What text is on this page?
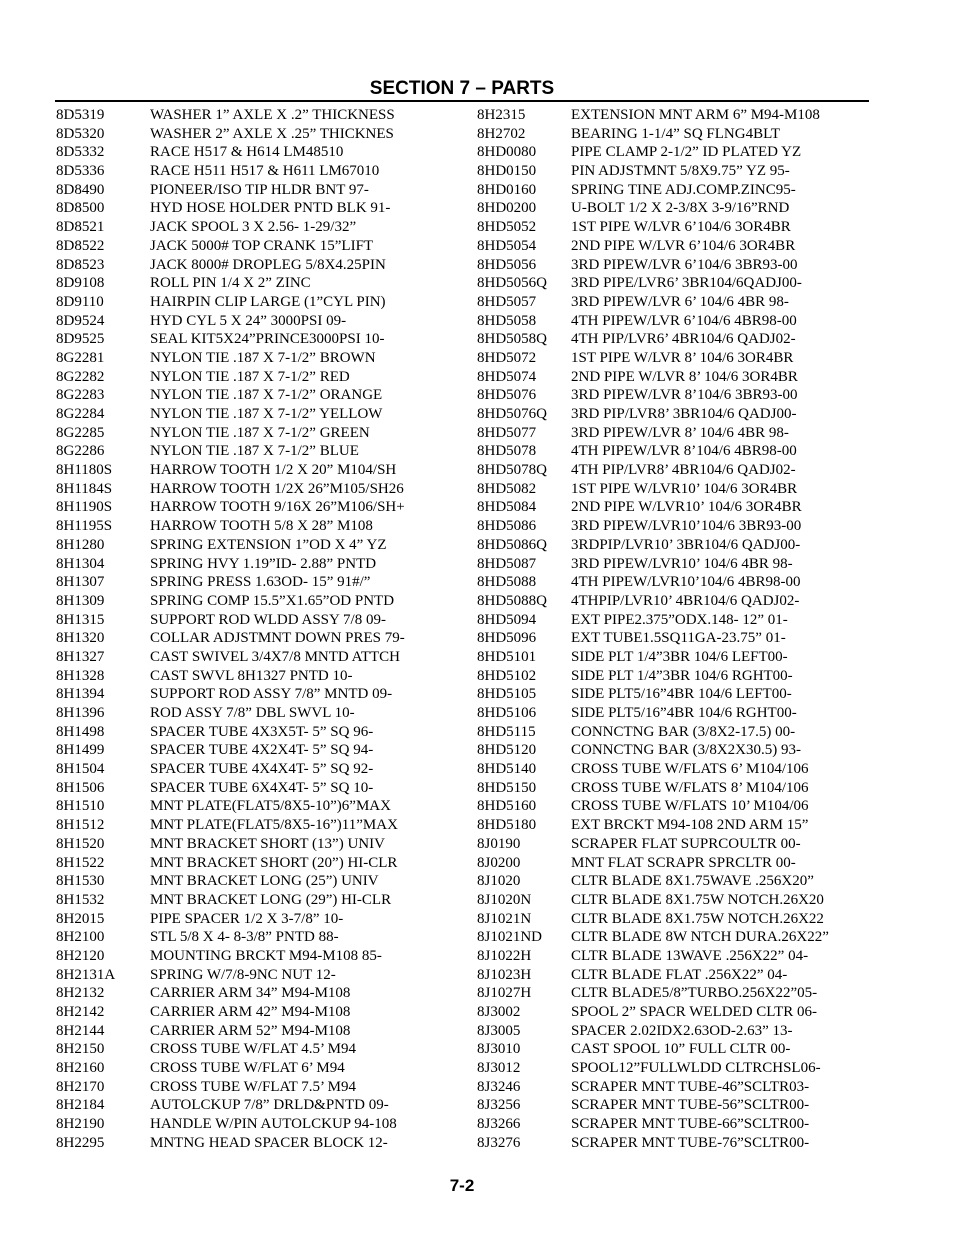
SECTION 7 – PARTS
8D5319	WASHER 1” AXLE X .2” THICKNESS
8D5320	WASHER 2” AXLE X .25” THICKNES
8D5332	RACE H517 & H614 LM48510
8D5336	RACE H511 H517 & H611 LM67010
8D8490	PIONEER/ISO TIP HLDR BNT 97-
8D8500	HYD HOSE HOLDER PNTD BLK 91-
8D8521	JACK SPOOL 3 X 2.56- 1-29/32”
8D8522	JACK 5000# TOP CRANK 15”LIFT
8D8523	JACK 8000# DROPLEG 5/8X4.25PIN
8D9108	ROLL PIN 1/4 X 2” ZINC
8D9110	HAIRPIN CLIP LARGE (1”CYL PIN)
8D9524	HYD CYL 5 X 24” 3000PSI 09-
8D9525	SEAL KIT5X24”PRINCE3000PSI 10-
8G2281	NYLON TIE .187 X 7-1/2” BROWN
8G2282	NYLON TIE .187 X 7-1/2” RED
8G2283	NYLON TIE .187 X 7-1/2” ORANGE
8G2284	NYLON TIE .187 X 7-1/2” YELLOW
8G2285	NYLON TIE .187 X 7-1/2” GREEN
8G2286	NYLON TIE .187 X 7-1/2” BLUE
8H1180S	HARROW TOOTH 1/2 X 20” M104/SH
8H1184S	HARROW TOOTH 1/2X 26”M105/SH26
8H1190S	HARROW TOOTH 9/16X 26”M106/SH+
8H1195S	HARROW TOOTH 5/8 X 28” M108
8H1280	SPRING EXTENSION 1”OD X 4” YZ
8H1304	SPRING HVY 1.19”ID- 2.88” PNTD
8H1307	SPRING PRESS 1.63OD- 15” 91#/”
8H1309	SPRING COMP 15.5”X1.65”OD PNTD
8H1315	SUPPORT ROD WLDD ASSY 7/8 09-
8H1320	COLLAR ADJSTMNT DOWN PRES 79-
8H1327	CAST SWIVEL 3/4X7/8 MNTD ATTCH
8H1328	CAST SWVL 8H1327 PNTD 10-
8H1394	SUPPORT ROD ASSY 7/8” MNTD 09-
8H1396	ROD ASSY 7/8” DBL SWVL 10-
8H1498	SPACER TUBE 4X3X5T- 5” SQ 96-
8H1499	SPACER TUBE 4X2X4T- 5” SQ 94-
8H1504	SPACER TUBE 4X4X4T- 5” SQ 92-
8H1506	SPACER TUBE 6X4X4T- 5” SQ 10-
8H1510	MNT PLATE(FLAT5/8X5-10”)6”MAX
8H1512	MNT PLATE(FLAT5/8X5-16”)11”MAX
8H1520	MNT BRACKET SHORT (13”) UNIV
8H1522	MNT BRACKET SHORT (20”) HI-CLR
8H1530	MNT BRACKET LONG (25”) UNIV
8H1532	MNT BRACKET LONG (29”) HI-CLR
8H2015	PIPE SPACER 1/2 X 3-7/8” 10-
8H2100	STL 5/8 X 4- 8-3/8” PNTD 88-
8H2120	MOUNTING BRCKT M94-M108 85-
8H2131A	SPRING W/7/8-9NC NUT 12-
8H2132	CARRIER ARM 34” M94-M108
8H2142	CARRIER ARM 42” M94-M108
8H2144	CARRIER ARM 52” M94-M108
8H2150	CROSS TUBE W/FLAT 4.5’ M94
8H2160	CROSS TUBE W/FLAT 6’ M94
8H2170	CROSS TUBE W/FLAT 7.5’ M94
8H2184	AUTOLCKUP 7/8” DRLD&PNTD 09-
8H2190	HANDLE W/PIN AUTOLCKUP 94-108
8H2295	MNTNG HEAD SPACER BLOCK 12-
8H2315	EXTENSION MNT ARM 6” M94-M108
8H2702	BEARING 1-1/4” SQ FLNG4BLT
8HD0080	PIPE CLAMP 2-1/2” ID PLATED YZ
8HD0150	PIN ADJSTMNT 5/8X9.75” YZ 95-
8HD0160	SPRING TINE ADJ.COMP.ZINC95-
8HD0200	U-BOLT 1/2 X 2-3/8X 3-9/16”RND
8HD5052	1ST PIPE W/LVR 6’104/6 3OR4BR
8HD5054	2ND PIPE W/LVR 6’104/6 3OR4BR
8HD5056	3RD PIPEW/LVR 6’104/6 3BR93-00
8HD5056Q	3RD PIPE/LVR6’ 3BR104/6QADJ00-
8HD5057	3RD PIPEW/LVR 6’ 104/6 4BR 98-
8HD5058	4TH PIPEW/LVR 6’104/6 4BR98-00
8HD5058Q	4TH PIP/LVR6’ 4BR104/6 QADJ02-
8HD5072	1ST PIPE W/LVR 8’ 104/6 3OR4BR
8HD5074	2ND PIPE W/LVR 8’ 104/6 3OR4BR
8HD5076	3RD PIPEW/LVR 8’104/6 3BR93-00
8HD5076Q	3RD PIP/LVR8’ 3BR104/6 QADJ00-
8HD5077	3RD PIPEW/LVR 8’ 104/6 4BR 98-
8HD5078	4TH PIPEW/LVR 8’104/6 4BR98-00
8HD5078Q	4TH PIP/LVR8’ 4BR104/6 QADJ02-
8HD5082	1ST PIPE W/LVR10’ 104/6 3OR4BR
8HD5084	2ND PIPE W/LVR10’ 104/6 3OR4BR
8HD5086	3RD PIPEW/LVR10’104/6 3BR93-00
8HD5086Q	3RDPIP/LVR10’ 3BR104/6 QADJ00-
8HD5087	3RD PIPEW/LVR10’ 104/6 4BR 98-
8HD5088	4TH PIPEW/LVR10’104/6 4BR98-00
8HD5088Q	4THPIP/LVR10’ 4BR104/6 QADJ02-
8HD5094	EXT PIPE2.375”ODX.148- 12” 01-
8HD5096	EXT TUBE1.5SQ11GA-23.75” 01-
8HD5101	SIDE PLT 1/4”3BR 104/6 LEFT00-
8HD5102	SIDE PLT 1/4”3BR 104/6 RGHT00-
8HD5105	SIDE PLT5/16”4BR 104/6 LEFT00-
8HD5106	SIDE PLT5/16”4BR 104/6 RGHT00-
8HD5115	CONNCTNG BAR (3/8X2-17.5) 00-
8HD5120	CONNCTNG BAR (3/8X2X30.5) 93-
8HD5140	CROSS TUBE W/FLATS 6’ M104/106
8HD5150	CROSS TUBE W/FLATS 8’ M104/106
8HD5160	CROSS TUBE W/FLATS 10’ M104/06
8HD5180	EXT BRCKT M94-108 2ND ARM 15”
8J0190	SCRAPER FLAT SUPRCOULTR 00-
8J0200	MNT FLAT SCRAPR SPRCLTR 00-
8J1020	CLTR BLADE 8X1.75WAVE .256X20”
8J1020N	CLTR BLADE 8X1.75W NOTCH.26X20
8J1021N	CLTR BLADE 8X1.75W NOTCH.26X22
8J1021ND	CLTR BLADE 8W NTCH DURA.26X22”
8J1022H	CLTR BLADE 13WAVE .256X22” 04-
8J1023H	CLTR BLADE FLAT .256X22” 04-
8J1027H	CLTR BLADE5/8”TURBO.256X22”05-
8J3002	SPOOL 2” SPACR WELDED CLTR 06-
8J3005	SPACER 2.02IDX2.63OD-2.63” 13-
8J3010	CAST SPOOL 10” FULL CLTR 00-
8J3012	SPOOL12”FULLWLDD CLTRCHSL06-
8J3246	SCRAPER MNT TUBE-46”SCLTR03-
8J3256	SCRAPER MNT TUBE-56”SCLTR00-
8J3266	SCRAPER MNT TUBE-66”SCLTR00-
8J3276	SCRAPER MNT TUBE-76”SCLTR00-
7-2
